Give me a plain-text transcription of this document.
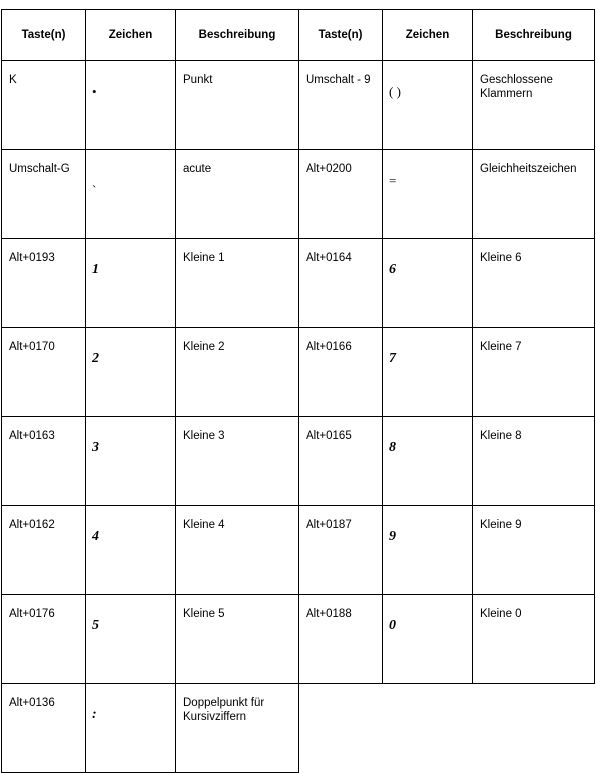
Taste(n)	Zeichen	Beschreibung	Taste(n)	Zeichen	Beschreibung
K	•	Punkt	Umschalt - 9	( )	Geschlossene Klammern
Umschalt-G	ˏ	acute	Alt+0200	=	Gleichheitszeichen
Alt+0193	1	Kleine 1	Alt+0164	6	Kleine 6
Alt+0170	2	Kleine 2	Alt+0166	7	Kleine 7
Alt+0163	3	Kleine 3	Alt+0165	8	Kleine 8
Alt+0162	4	Kleine 4	Alt+0187	9	Kleine 9
Alt+0176	5	Kleine 5	Alt+0188	0	Kleine 0
Alt+0136	:	Doppelpunkt für Kursivziffern			
